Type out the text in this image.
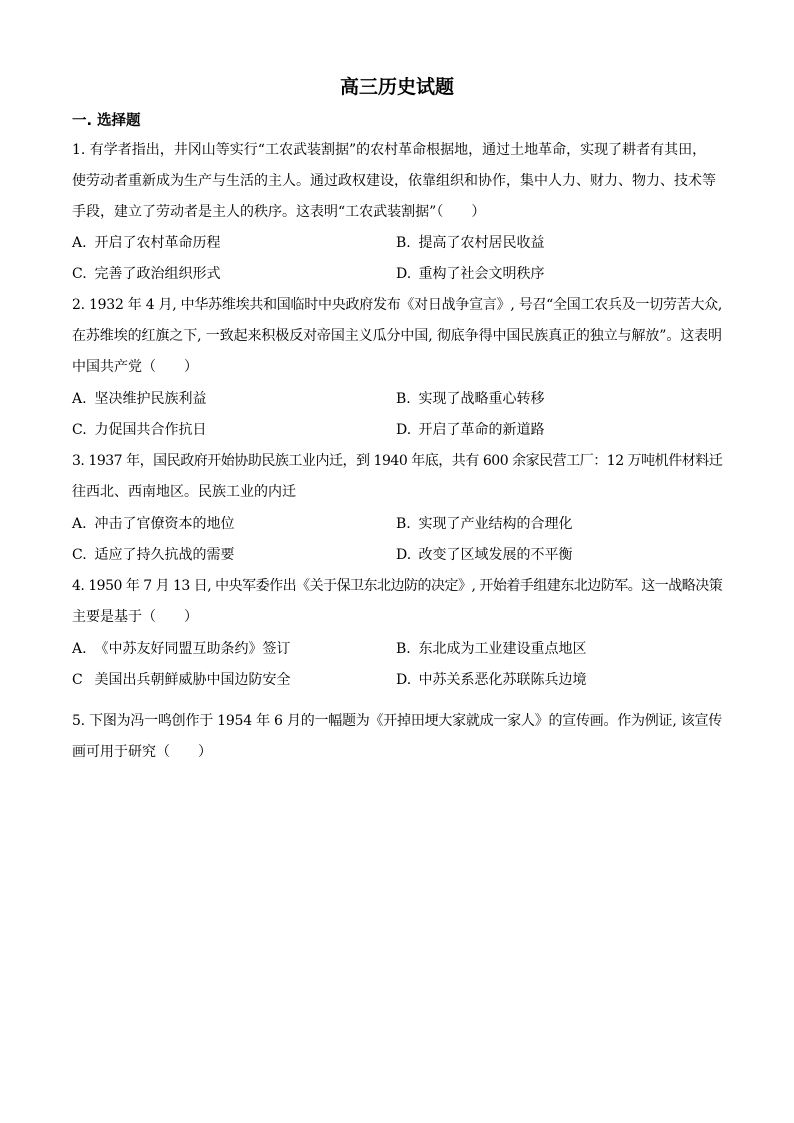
高三历史试题
一. 选择题
1. 有学者指出，井冈山等实行“工农武装割据”的农村革命根据地，通过土地革命，实现了耕者有其田，
使劳动者重新成为生产与生活的主人。通过政权建设，依靠组织和协作，集中人力、财力、物力、技术等
手段，建立了劳动者是主人的秩序。这表明“工农武装割据”（　　）
A. 开启了农村革命历程	B. 提高了农村居民收益
C. 完善了政治组织形式	D. 重构了社会文明秩序
2. 1932 年 4 月, 中华苏维埃共和国临时中央政府发布《对日战争宣言》, 号召“全国工农兵及一切劳苦大众,
在苏维埃的红旗之下, 一致起来积极反对帝国主义瓜分中国, 彻底争得中国民族真正的独立与解放”。这表明
中国共产党（　　）
A. 坚决维护民族利益	B. 实现了战略重心转移
C. 力促国共合作抗日	D. 开启了革命的新道路
3. 1937 年，国民政府开始协助民族工业内迁，到 1940 年底，共有 600 余家民营工厂：12 万吨机件材料迁
往西北、西南地区。民族工业的内迁
A. 冲击了官僚资本的地位	B. 实现了产业结构的合理化
C. 适应了持久抗战的需要	D. 改变了区域发展的不平衡
4. 1950 年 7 月 13 日, 中央军委作出《关于保卫东北边防的决定》, 开始着手组建东北边防军。这一战略决策
主要是基于（　　）
A. 《中苏友好同盟互助条约》签订	B. 东北成为工业建设重点地区
C 美国出兵朝鲜威胁中国边防安全	D. 中苏关系恶化苏联陈兵边境
5. 下图为冯一鸣创作于 1954 年 6 月的一幅题为《开掉田埂大家就成一家人》的宣传画。作为例证, 该宣传
画可用于研究（　　）
